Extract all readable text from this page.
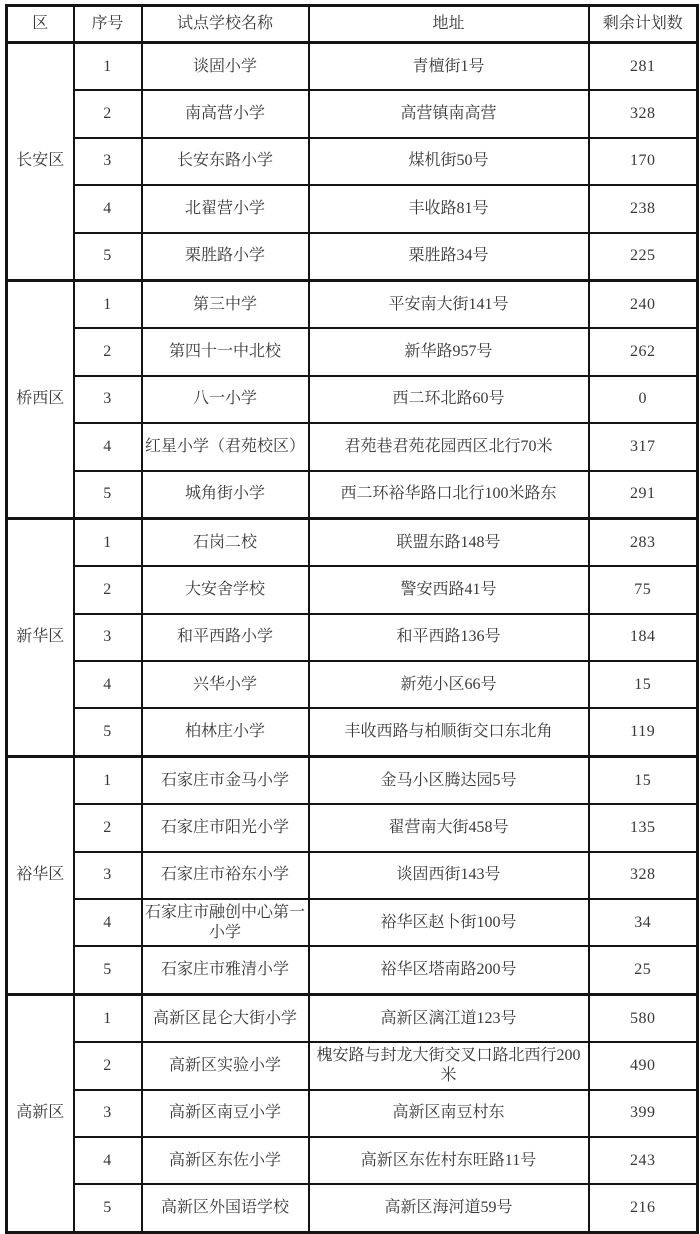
区	序号	试点学校名称	地址	剩余计划数
长安区	1	谈固小学	青檀街1号	281
	2	南高营小学	高营镇南高营	328
	3	长安东路小学	煤机街50号	170
	4	北翟营小学	丰收路81号	238
	5	栗胜路小学	栗胜路34号	225
桥西区	1	第三中学	平安南大街141号	240
	2	第四十一中北校	新华路957号	262
	3	八一小学	西二环北路60号	0
	4	红星小学（君苑校区）	君苑巷君苑花园西区北行70米	317
	5	城角街小学	西二环裕华路口北行100米路东	291
新华区	1	石岗二校	联盟东路148号	283
	2	大安舍学校	警安西路41号	75
	3	和平西路小学	和平西路136号	184
	4	兴华小学	新苑小区66号	15
	5	柏林庄小学	丰收西路与柏顺街交口东北角	119
裕华区	1	石家庄市金马小学	金马小区腾达园5号	15
	2	石家庄市阳光小学	翟营南大街458号	135
	3	石家庄市裕东小学	谈固西街143号	328
	4	石家庄市融创中心第一小学	裕华区赵卜街100号	34
	5	石家庄市雅清小学	裕华区塔南路200号	25
高新区	1	高新区昆仑大街小学	高新区漓江道123号	580
	2	高新区实验小学	槐安路与封龙大街交叉口路北西行200米	490
	3	高新区南豆小学	高新区南豆村东	399
	4	高新区东佐小学	高新区东佐村东旺路11号	243
	5	高新区外国语学校	高新区海河道59号	216
